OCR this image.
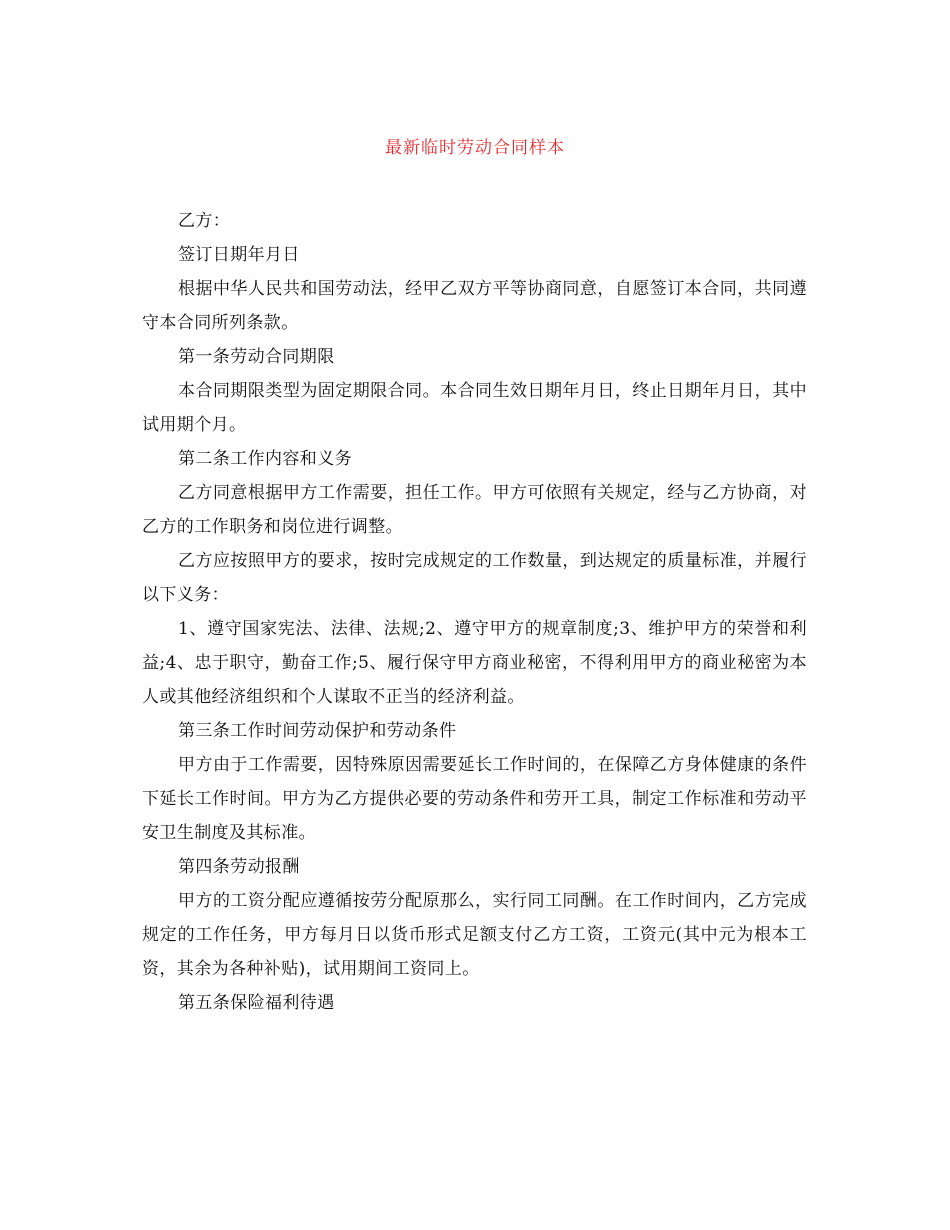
最新临时劳动合同样本

乙方：

签订日期年月日

根据中华人民共和国劳动法，经甲乙双方平等协商同意，自愿签订本合同，共同遵守本合同所列条款。

第一条劳动合同期限

本合同期限类型为固定期限合同。本合同生效日期年月日，终止日期年月日，其中试用期个月。

第二条工作内容和义务

乙方同意根据甲方工作需要，担任工作。甲方可依照有关规定，经与乙方协商，对乙方的工作职务和岗位进行调整。

乙方应按照甲方的要求，按时完成规定的工作数量，到达规定的质量标准，并履行以下义务：

1、遵守国家宪法、法律、法规;2、遵守甲方的规章制度;3、维护甲方的荣誉和利益;4、忠于职守，勤奋工作;5、履行保守甲方商业秘密，不得利用甲方的商业秘密为本人或其他经济组织和个人谋取不正当的经济利益。

第三条工作时间劳动保护和劳动条件

甲方由于工作需要，因特殊原因需要延长工作时间的，在保障乙方身体健康的条件下延长工作时间。甲方为乙方提供必要的劳动条件和劳开工具，制定工作标准和劳动平安卫生制度及其标准。

第四条劳动报酬

甲方的工资分配应遵循按劳分配原那么，实行同工同酬。在工作时间内，乙方完成规定的工作任务，甲方每月日以货币形式足额支付乙方工资，工资元(其中元为根本工资，其余为各种补贴)，试用期间工资同上。

第五条保险福利待遇
